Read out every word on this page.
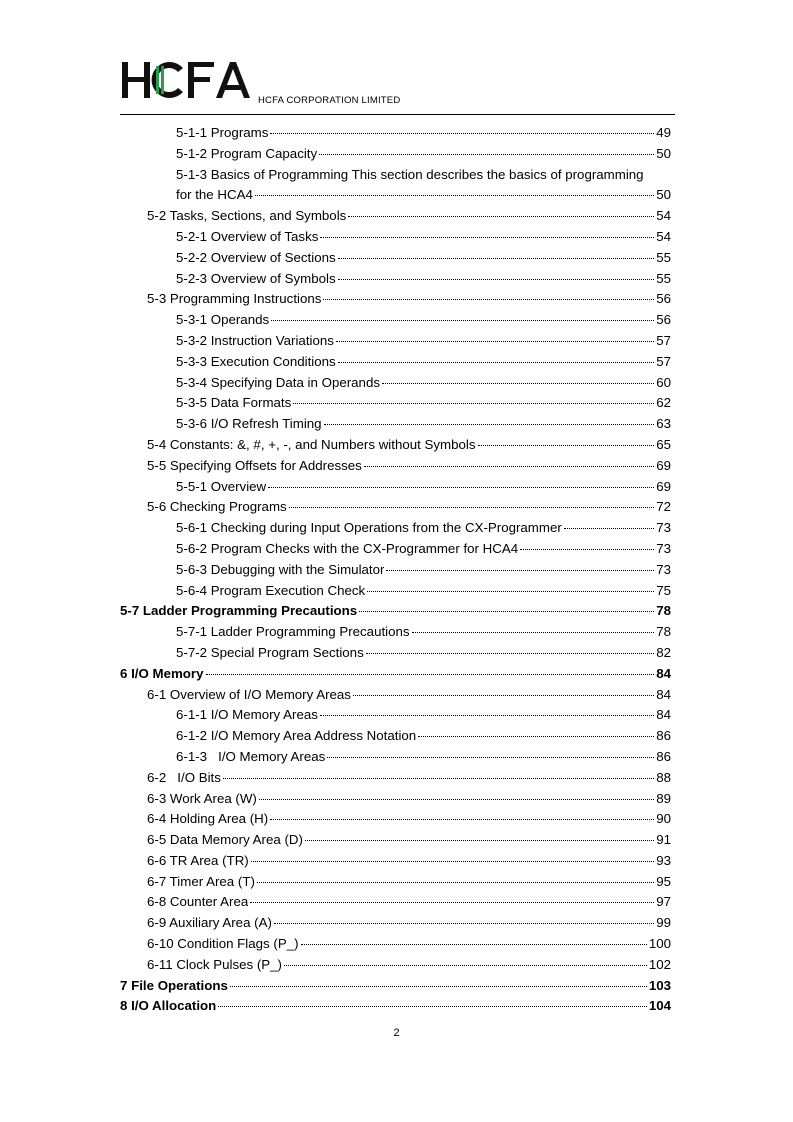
HCFA CORPORATION LIMITED
5-1-1 Programs	49
5-1-2 Program Capacity	50
5-1-3 Basics of Programming This section describes the basics of programming
for the HCA4	50
5-2 Tasks, Sections, and Symbols	54
5-2-1 Overview of Tasks	54
5-2-2 Overview of Sections	55
5-2-3 Overview of Symbols	55
5-3 Programming Instructions	56
5-3-1 Operands	56
5-3-2 Instruction Variations	57
5-3-3 Execution Conditions	57
5-3-4 Specifying Data in Operands	60
5-3-5 Data Formats	62
5-3-6 I/O Refresh Timing	63
5-4 Constants: &, #, +, -, and Numbers without Symbols	65
5-5 Specifying Offsets for Addresses	69
5-5-1 Overview	69
5-6 Checking Programs	72
5-6-1 Checking during Input Operations from the CX-Programmer	73
5-6-2 Program Checks with the CX-Programmer for HCA4	73
5-6-3 Debugging with the Simulator	73
5-6-4 Program Execution Check	75
5-7 Ladder Programming Precautions	78
5-7-1 Ladder Programming Precautions	78
5-7-2 Special Program Sections	82
6 I/O Memory	84
6-1 Overview of I/O Memory Areas	84
6-1-1 I/O Memory Areas	84
6-1-2 I/O Memory Area Address Notation	86
6-1-3   I/O Memory Areas	86
6-2   I/O Bits	88
6-3 Work Area (W)	89
6-4 Holding Area (H)	90
6-5 Data Memory Area (D)	91
6-6 TR Area (TR)	93
6-7 Timer Area (T)	95
6-8 Counter Area	97
6-9 Auxiliary Area (A)	99
6-10 Condition Flags (P_)	100
6-11 Clock Pulses (P_)	102
7 File Operations	103
8 I/O Allocation	104
2
